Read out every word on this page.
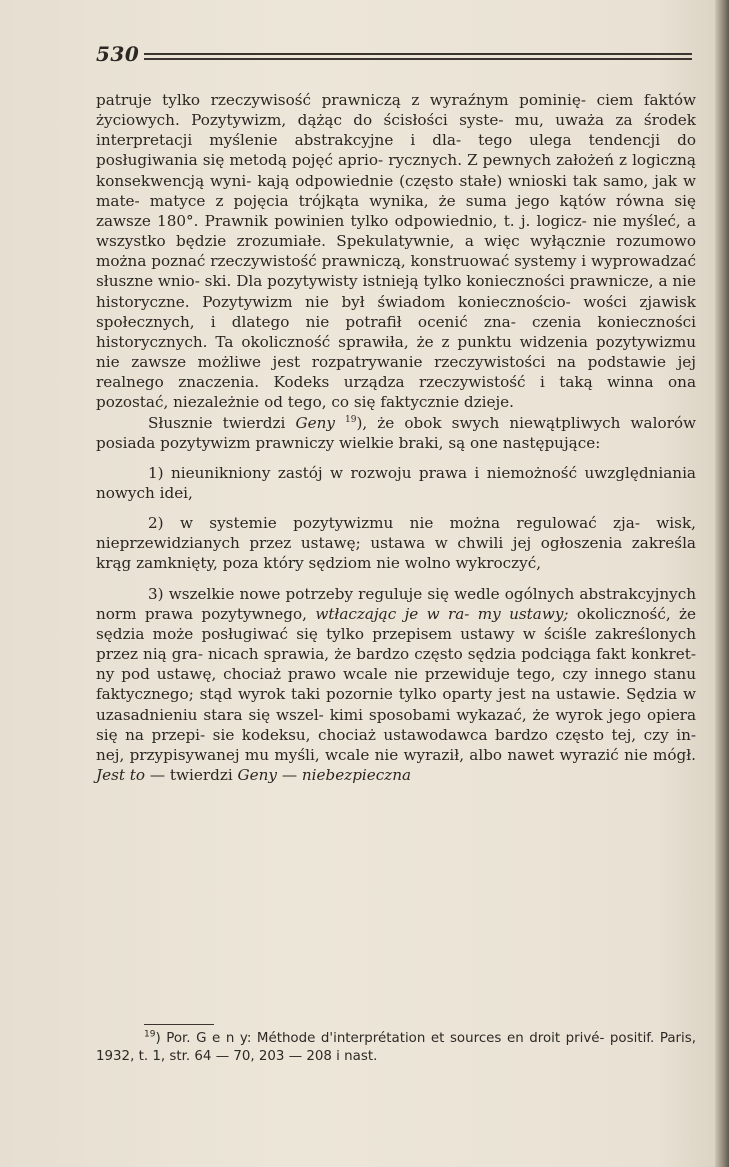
530

patruje tylko rzeczywisość prawniczą z wyraźnym pominię- ciem faktów życiowych. Pozytywizm, dążąc do ścisłości syste- mu, uważa za środek interpretacji myślenie abstrakcyjne i dla- tego ulega tendencji do posługiwania się metodą pojęć aprio- rycznych. Z pewnych założeń z logiczną konsekwencją wyni- kają odpowiednie (często stałe) wnioski tak samo, jak w mate- matyce z pojęcia trójkąta wynika, że suma jego kątów równa się zawsze 180°. Prawnik powinien tylko odpowiednio, t. j. logicz- nie myśleć, a wszystko będzie zrozumiałe. Spekulatywnie, a więc wyłącznie rozumowo można poznać rzeczywistość prawniczą, konstruować systemy i wyprowadzać słuszne wnio- ski. Dla pozytywisty istnieją tylko konieczności prawnicze, a nie historyczne. Pozytywizm nie był świadom koniecznościo- wości zjawisk społecznych, i dlatego nie potrafił ocenić zna- czenia konieczności historycznych. Ta okoliczność sprawiła, że z punktu widzenia pozytywizmu nie zawsze możliwe jest rozpatrywanie rzeczywistości na podstawie jej realnego znaczenia. Kodeks urządza rzeczywistość i taką winna ona pozostać, niezależnie od tego, co się faktycznie dzieje.

Słusznie twierdzi Geny $^{19}$), że obok swych niewątpliwych walorów posiada pozytywizm prawniczy wielkie braki, są one następujące:

1) nieunikniony zastój w rozwoju prawa i niemożność uwzględniania nowych idei,

2) w systemie pozytywizmu nie można regulować zja- wisk, nieprzewidzianych przez ustawę; ustawa w chwili jej ogłoszenia zakreśla krąg zamknięty, poza który sędziom nie wolno wykroczyć,

3) wszelkie nowe potrzeby reguluje się wedle ogólnych abstrakcyjnych norm prawa pozytywnego, wtłaczając je w ra- my ustawy; okoliczność, że sędzia może posługiwać się tylko przepisem ustawy w ściśle zakreślonych przez nią gra- nicach sprawia, że bardzo często sędzia podciąga fakt konkret- ny pod ustawę, chociaż prawo wcale nie przewiduje tego, czy innego stanu faktycznego; stąd wyrok taki pozornie tylko oparty jest na ustawie. Sędzia w uzasadnieniu stara się wszel- kimi sposobami wykazać, że wyrok jego opiera się na przepi- sie kodeksu, chociaż ustawodawca bardzo często tej, czy in- nej, przypisywanej mu myśli, wcale nie wyraził, albo nawet wyrazić nie mógł. Jest to — twierdzi Geny — niebezpieczna

$^{19}$) Por. G e n y: Méthode d'interprétation et sources en droit privé- positif. Paris, 1932, t. 1, str. 64 — 70, 203 — 208 i nast.
